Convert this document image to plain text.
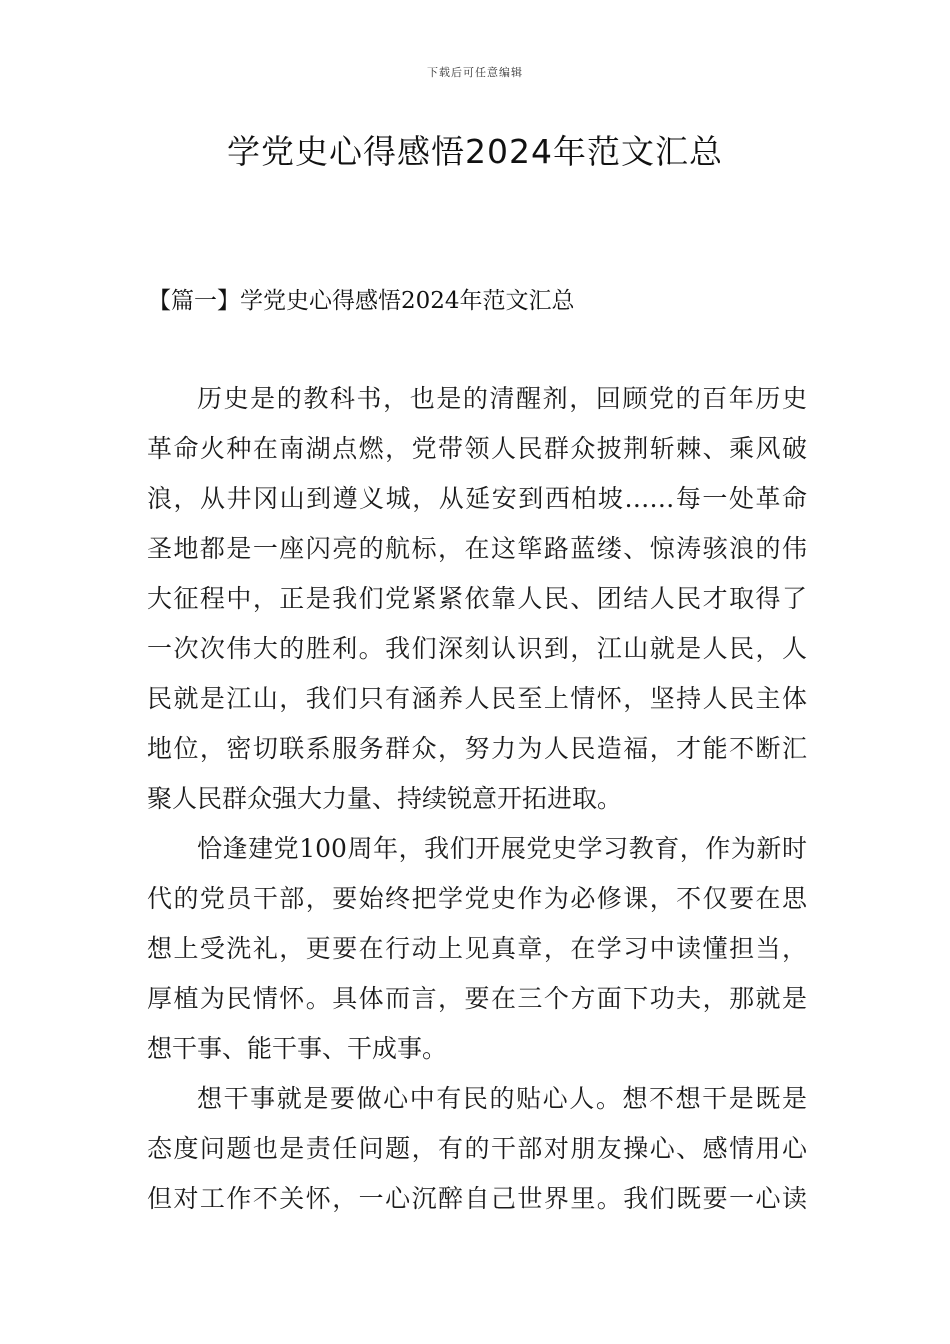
下载后可任意编辑
学党史心得感悟2024年范文汇总
【篇一】学党史心得感悟2024年范文汇总
历史是的教科书，也是的清醒剂，回顾党的百年历史
革命火种在南湖点燃，党带领人民群众披荆斩棘、乘风破
浪，从井冈山到遵义城，从延安到西柏坡……每一处革命
圣地都是一座闪亮的航标，在这筚路蓝缕、惊涛骇浪的伟
大征程中，正是我们党紧紧依靠人民、团结人民才取得了
一次次伟大的胜利。我们深刻认识到，江山就是人民，人
民就是江山，我们只有涵养人民至上情怀，坚持人民主体
地位，密切联系服务群众，努力为人民造福，才能不断汇
聚人民群众强大力量、持续锐意开拓进取。
恰逢建党100周年，我们开展党史学习教育，作为新时
代的党员干部，要始终把学党史作为必修课，不仅要在思
想上受洗礼，更要在行动上见真章，在学习中读懂担当，
厚植为民情怀。具体而言，要在三个方面下功夫，那就是
想干事、能干事、干成事。
想干事就是要做心中有民的贴心人。想不想干是既是
态度问题也是责任问题，有的干部对朋友操心、感情用心
但对工作不关怀，一心沉醉自己世界里。我们既要一心读
